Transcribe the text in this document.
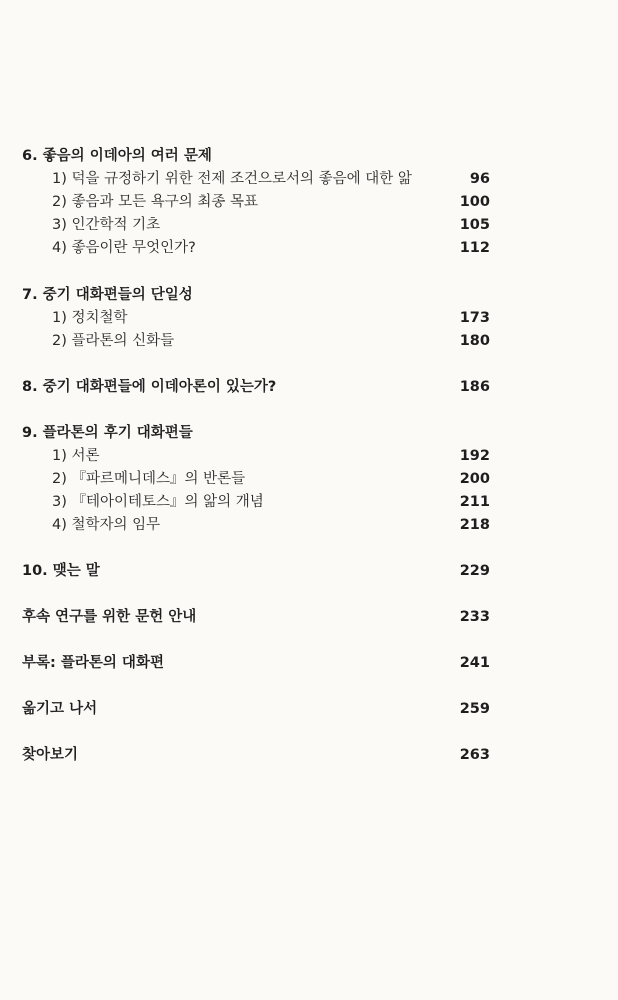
6. 좋음의 이데아의 여러 문제
1) 덕을 규정하기 위한 전제 조건으로서의 좋음에 대한 앎	96
2) 좋음과 모든 욕구의 최종 목표	100
3) 인간학적 기초	105
4) 좋음이란 무엇인가?	112
7. 중기 대화편들의 단일성
1) 정치철학	173
2) 플라톤의 신화들	180
8. 중기 대화편들에 이데아론이 있는가?	186
9. 플라톤의 후기 대화편들
1) 서론	192
2) 『파르메니데스』의 반론들	200
3) 『테아이테토스』의 앎의 개념	211
4) 철학자의 임무	218
10. 맺는 말	229
후속 연구를 위한 문헌 안내	233
부록: 플라톤의 대화편	241
옮기고 나서	259
찾아보기	263
